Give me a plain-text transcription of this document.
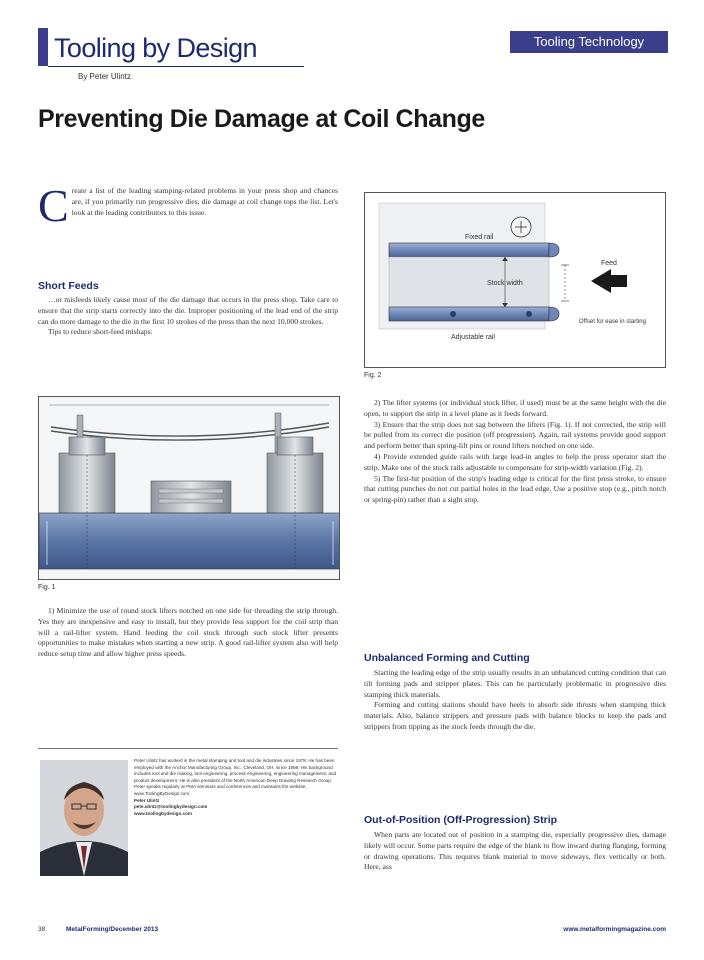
Tooling by Design
By Peter Ulintz
Tooling Technology
Preventing Die Damage at Coil Change
C reate a list of the leading stamping-related problems in your press shop and chances are, if you primarily run progressive dies, die damage at coil change tops the list. Let's look at the leading contributors to this issue.
Short Feeds

…or misfeeds likely cause most of the die damage that occurs in the press shop. Take care to ensure that the strip starts correctly into the die. Improper positioning of the lead end of the strip can do more damage to the die in the first 10 strokes of the press than the next 10,000 strokes.

Tips to reduce short-feed mishaps:

Fig. 1

1) Minimize the use of round stock lifters notched on one side for threading the strip through. Yes they are inexpensive and easy to install, but they provide less support for the coil strip than will a rail-lifter system. Hand feeding the coil stock through such stock lifter presents opportunities to make mistakes when starting a new strip. A good rail-lifter system also will help reduce setup time and allow higher press speeds.

Peter Ulintz has worked in the metal stamping and tool and die industries since 1978. He has been employed with the Anchor Manufacturing Group, Inc., Cleveland, OH, since 1986. His background includes tool and die making, tool engineering, process engineering, engineering management, and product development. He is also president of the North American Deep Drawing Research Group. Peter speaks regularly at PMA seminars and conferences and maintains the website, www.ToolingByDesign.com.
Peter Ulintz
pete.ulintz@toolingbydesign.com
www.toolingbydesign.com
Fixed rail
Stock width
Feed
Adjustable rail
Offset for ease in starting
Fig. 2

2) The lifter systems (or individual stock lifter, if used) must be at the same height with the die open, to support the strip in a level plane as it feeds forward.

3) Ensure that the strip does not sag between the lifters (Fig. 1). If not corrected, the strip will be pulled from its correct die position (off progression). Again, rail systems provide good support and perform better than spring-lift pins or round lifters notched on one side.

4) Provide extended guide rails with large lead-in angles to help the press operator start the strip. Make one of the stock rails adjustable to compensate for strip-width variation (Fig. 2).

5) The first-hit position of the strip's leading edge is critical for the first press stroke, to ensure that cutting punches do not cut partial holes in the lead edge. Use a positive stop (e.g., pitch notch or spring-pin) rather than a sight stop.

Unbalanced Forming and Cutting

Starting the leading edge of the strip usually results in an unbalanced cutting condition that can tilt forming pads and stripper plates. This can be particularly problematic in progressive dies stamping thick materials.

Forming and cutting stations should have heels to absorb side thrusts when stamping thick materials. Also, balance strippers and pressure pads with balance blocks to keep the pads and strippers from tipping as the stock feeds through the die.

Out-of-Position (Off-Progression) Strip

When parts are located out of position in a stamping die, especially progressive dies, damage likely will occur. Some parts require the edge of the blank to flow inward during flanging, forming or drawing operations. This requires blank material to move sideways, flex vertically or both. Here, ass

38	MetalForming/December 2013	www.metalformingmagazine.com
